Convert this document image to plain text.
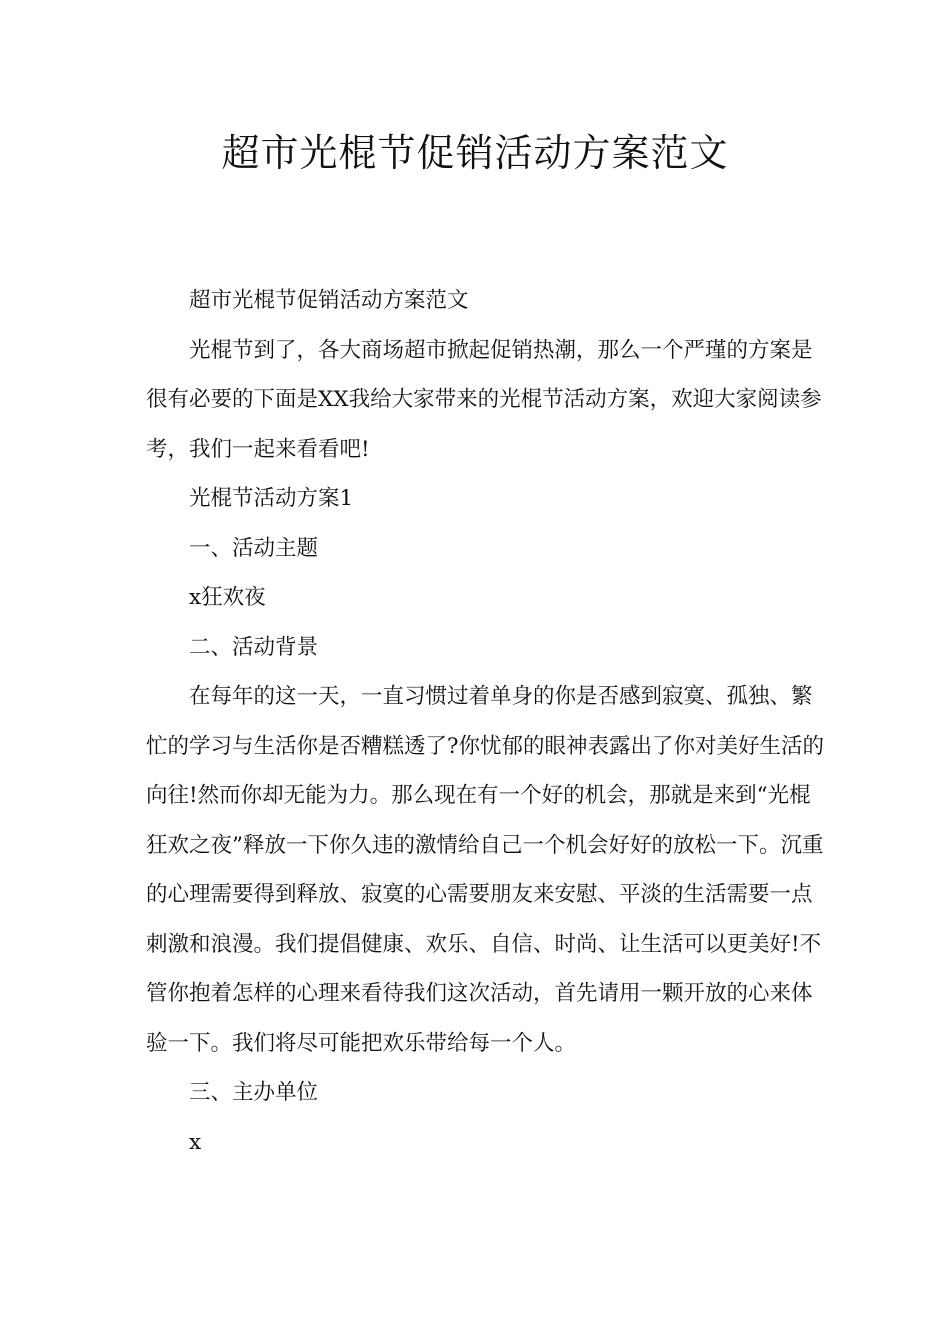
超市光棍节促销活动方案范文

超市光棍节促销活动方案范文

光棍节到了，各大商场超市掀起促销热潮，那么一个严瑾的方案是很有必要的下面是XX我给大家带来的光棍节活动方案，欢迎大家阅读参考，我们一起来看看吧!

光棍节活动方案1

一、活动主题

x狂欢夜

二、活动背景

在每年的这一天，一直习惯过着单身的你是否感到寂寞、孤独、繁忙的学习与生活你是否糟糕透了?你忧郁的眼神表露出了你对美好生活的向往!然而你却无能为力。那么现在有一个好的机会，那就是来到“光棍狂欢之夜”释放一下你久违的激情给自己一个机会好好的放松一下。沉重的心理需要得到释放、寂寞的心需要朋友来安慰、平淡的生活需要一点刺激和浪漫。我们提倡健康、欢乐、自信、时尚、让生活可以更美好!不管你抱着怎样的心理来看待我们这次活动，首先请用一颗开放的心来体验一下。我们将尽可能把欢乐带给每一个人。

三、主办单位

x
